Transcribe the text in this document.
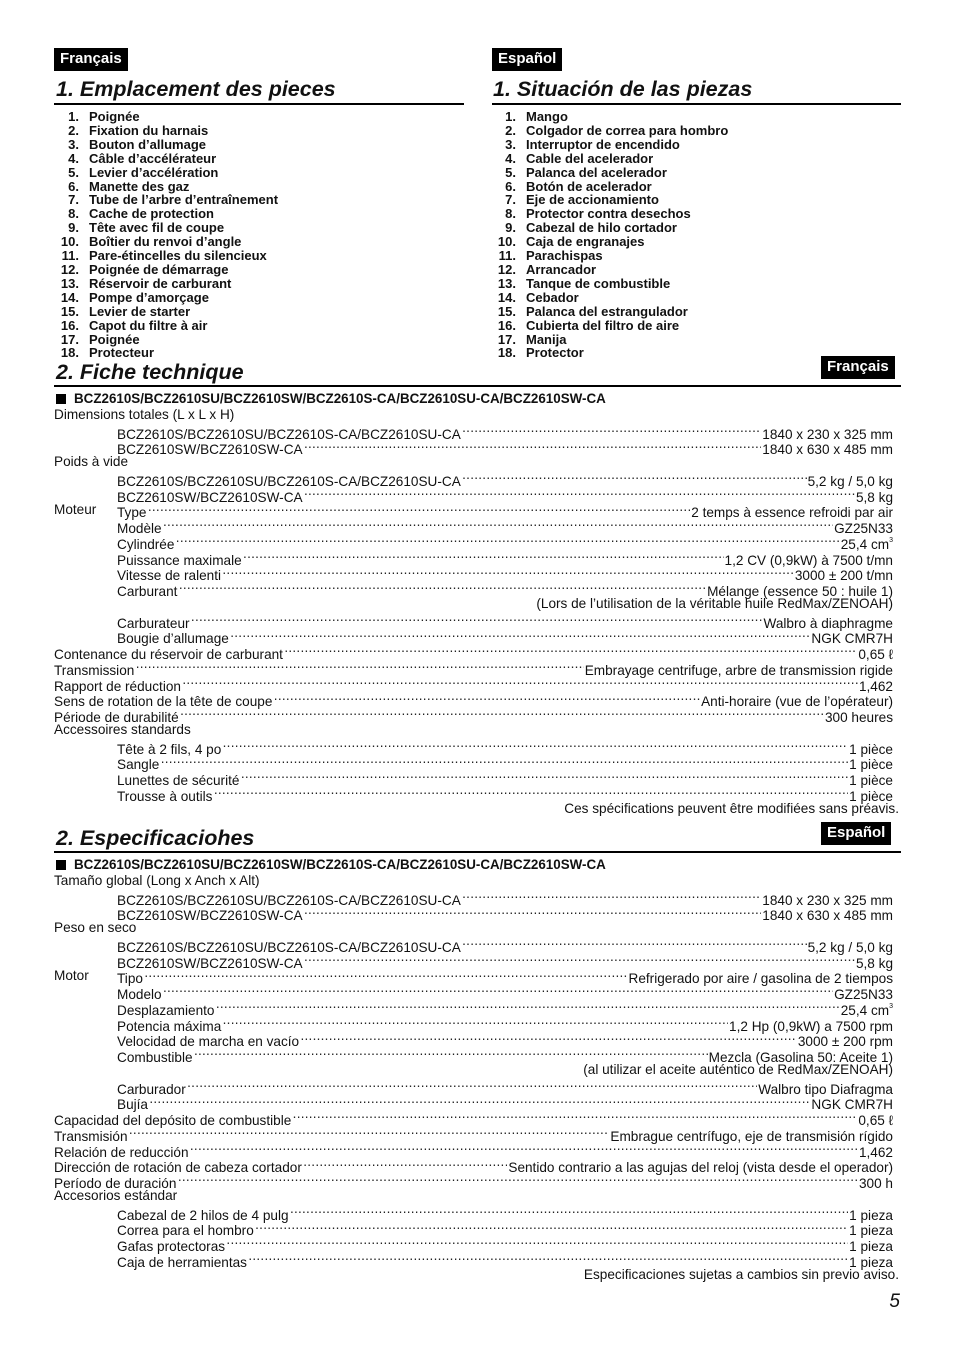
Français	Español
1. Emplacement des pieces	1. Situación de las piezas
1. Poignée
2. Fixation du harnais
3. Bouton d’allumage
4. Câble d’accélérateur
5. Levier d’accélération
6. Manette des gaz
7. Tube de l’arbre d’entraînement
8. Cache de protection
9. Tête avec fil de coupe
10. Boîtier du renvoi d’angle
11. Pare-étincelles du silencieux
12. Poignée de démarrage
13. Réservoir de carburant
14. Pompe d’amorçage
15. Levier de starter
16. Capot du filtre à air
17. Poignée
18. Protecteur
1. Mango
2. Colgador de correa para hombro
3. Interruptor de encendido
4. Cable del acelerador
5. Palanca del acelerador
6. Botón de acelerador
7. Eje de accionamiento
8. Protector contra desechos
9. Cabezal de hilo cortador
10. Caja de engranajes
11. Parachispas
12. Arrancador
13. Tanque de combustible
14. Cebador
15. Palanca del estrangulador
16. Cubierta del filtro de aire
17. Manija
18. Protector
2. Fiche technique	Français
BCZ2610S/BCZ2610SU/BCZ2610SW/BCZ2610S-CA/BCZ2610SU-CA/BCZ2610SW-CA
Dimensions totales (L x L x H)
BCZ2610S/BCZ2610SU/BCZ2610S-CA/BCZ2610SU-CA ·····	1840 x 230 x 325 mm
BCZ2610SW/BCZ2610SW-CA ·····	1840 x 630 x 485 mm
Poids à vide
BCZ2610S/BCZ2610SU/BCZ2610S-CA/BCZ2610SU-CA ·····	5,2 kg / 5,0 kg
BCZ2610SW/BCZ2610SW-CA ·····	5,8 kg
Moteur Type ·····	2 temps à essence refroidi par air
Modèle ·····	GZ25N33
Cylindrée ·····	25,4 $cm^3$
Puissance maximale ·····	1,2 CV (0,9kW) à 7500 t/mn
Vitesse de ralenti ·····	3000 ± 200 t/mn
Carburant ·····	Mélange (essence 50 : huile 1)
(Lors de l’utilisation de la véritable huile RedMax/ZENOAH)
Carburateur ·····	Walbro à diaphragme
Bougie d’allumage ·····	NGK CMR7H
Contenance du réservoir de carburant ·····	0,65 ℓ
Transmission ·····	Embrayage centrifuge, arbre de transmission rigide
Rapport de réduction ·····	1,462
Sens de rotation de la tête de coupe ·····	Anti-horaire (vue de l’opérateur)
Période de durabilité ·····	300 heures
Accessoires standards
Tête à 2 fils, 4 po ·····	1 pièce
Sangle ·····	1 pièce
Lunettes de sécurité ·····	1 pièce
Trousse à outils ·····	1 pièce
Ces spécifications peuvent être modifiées sans préavis.
2. Especificaciohes	Español
BCZ2610S/BCZ2610SU/BCZ2610SW/BCZ2610S-CA/BCZ2610SU-CA/BCZ2610SW-CA
Tamaño global (Long x Anch x Alt)
BCZ2610S/BCZ2610SU/BCZ2610S-CA/BCZ2610SU-CA ·····	1840 x 230 x 325 mm
BCZ2610SW/BCZ2610SW-CA ·····	1840 x 630 x 485 mm
Peso en seco
BCZ2610S/BCZ2610SU/BCZ2610S-CA/BCZ2610SU-CA ·····	5,2 kg / 5,0 kg
BCZ2610SW/BCZ2610SW-CA ·····	5,8 kg
Motor Tipo ·····	Refrigerado por aire / gasolina de 2 tiempos
Modelo ·····	GZ25N33
Desplazamiento ·····	25,4 $cm^3$
Potencia máxima ·····	1,2 Hp (0,9kW) a 7500 rpm
Velocidad de marcha en vacío ·····	3000 ± 200 rpm
Combustible ·····	Mezcla (Gasolina 50: Aceite 1)
(al utilizar el aceite auténtico de RedMax/ZENOAH)
Carburador ·····	Walbro tipo Diafragma
Bujía ·····	NGK CMR7H
Capacidad del depósito de combustible ·····	0,65 ℓ
Transmisión ·····	Embrague centrífugo, eje de transmisión rígido
Relación de reducción ·····	1,462
Dirección de rotación de cabeza cortador ·····	Sentido contrario a las agujas del reloj (vista desde el operador)
Período de duración ·····	300 h
Accesorios estándar
Cabezal de 2 hilos de 4 pulg ·····	1 pieza
Correa para el hombro ·····	1 pieza
Gafas protectoras ·····	1 pieza
Caja de herramientas ·····	1 pieza
Especificaciones sujetas a cambios sin previo aviso.
5
